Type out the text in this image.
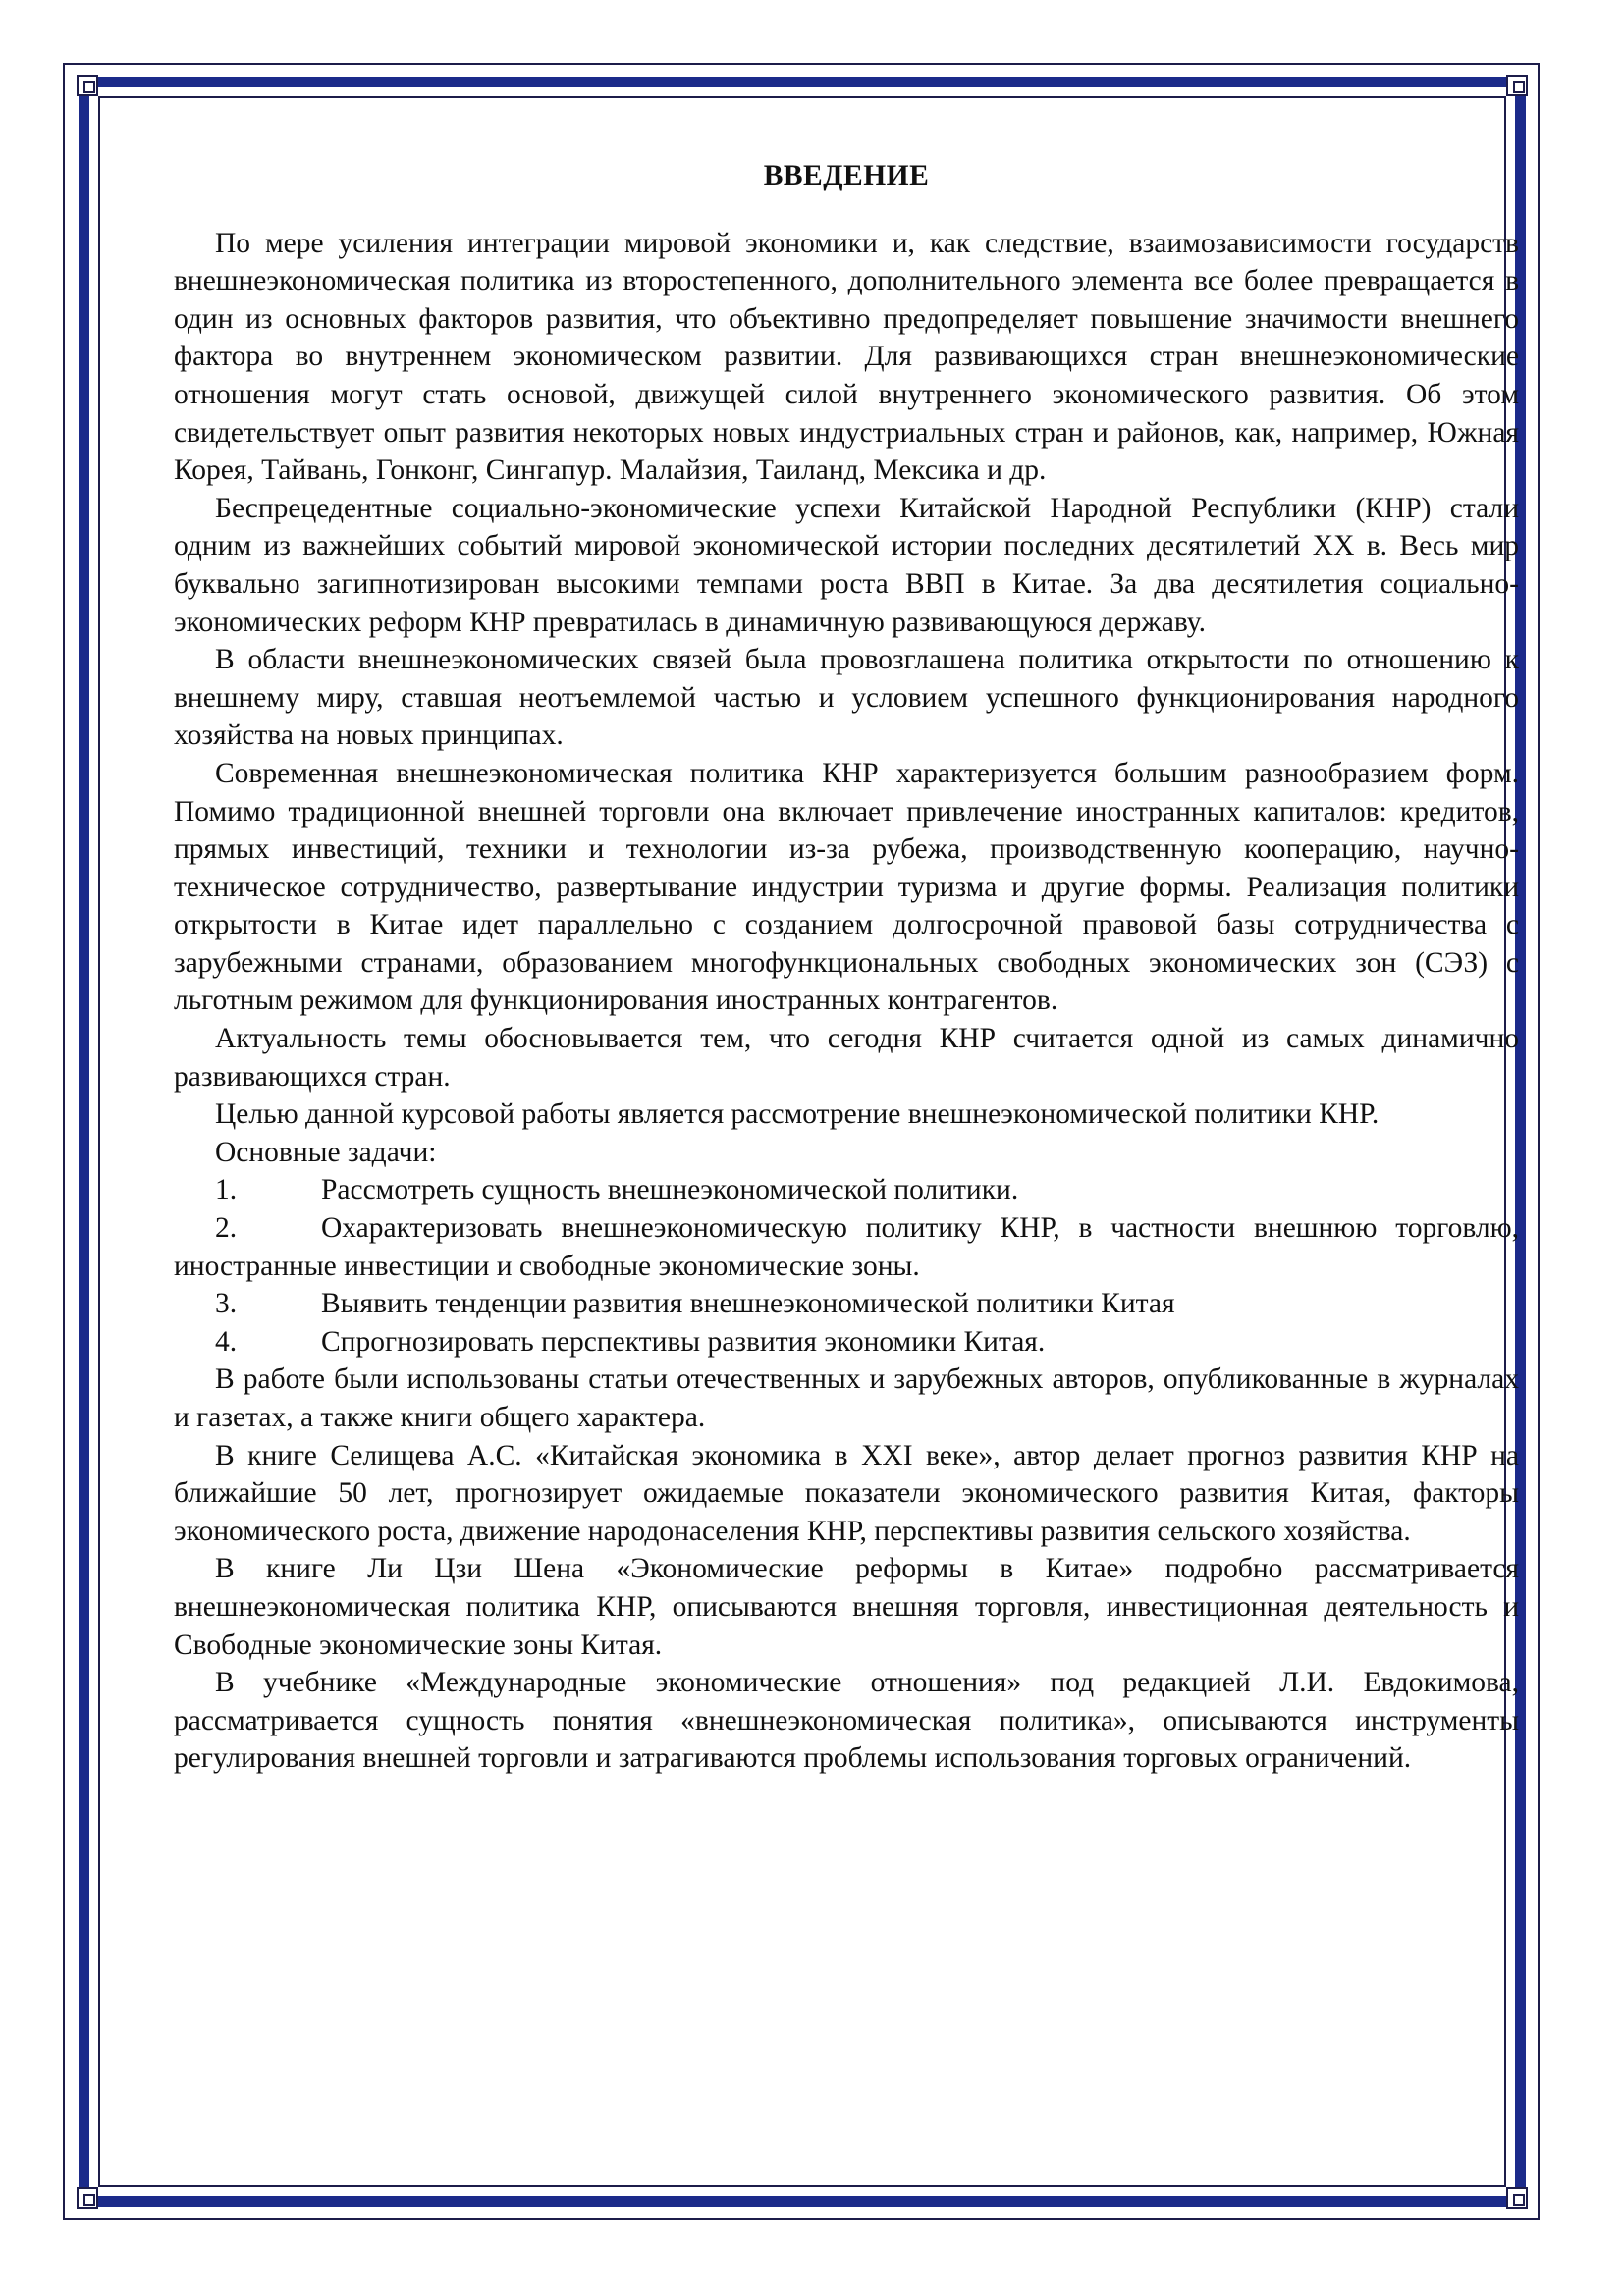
ВВЕДЕНИЕ

По мере усиления интеграции мировой экономики и, как следствие, взаимозависимости государств внешнеэкономическая политика из второстепенного, дополнительного элемента все более превращается в один из основных факторов развития, что объективно предопределяет повышение значимости внешнего фактора во внутреннем экономическом развитии. Для развивающихся стран внешнеэкономические отношения могут стать основой, движущей силой внутреннего экономического развития. Об этом свидетельствует опыт развития некоторых новых индустриальных стран и районов, как, например, Южная Корея, Тайвань, Гонконг, Сингапур. Малайзия, Таиланд, Мексика и др.

Беспрецедентные социально-экономические успехи Китайской Народной Республики (КНР) стали одним из важнейших событий мировой экономической истории последних десятилетий XX в. Весь мир буквально загипнотизирован высокими темпами роста ВВП в Китае. За два десятилетия социально-экономических реформ КНР превратилась в динамичную развивающуюся державу.

В области внешнеэкономических связей была провозглашена политика открытости по отношению к внешнему миру, ставшая неотъемлемой частью и условием успешного функционирования народного хозяйства на новых принципах.

Современная внешнеэкономическая политика КНР характеризуется большим разнообразием форм. Помимо традиционной внешней торговли она включает привлечение иностранных капиталов: кредитов, прямых инвестиций, техники и технологии из-за рубежа, производственную кооперацию, научно-техническое сотрудничество, развертывание индустрии туризма и другие формы. Реализация политики открытости в Китае идет параллельно с созданием долгосрочной правовой базы сотрудничества с зарубежными странами, образованием многофункциональных свободных экономических зон (СЭЗ) с льготным режимом для функционирования иностранных контрагентов.

Актуальность темы обосновывается тем, что сегодня КНР считается одной из самых динамично развивающихся стран.

Целью данной курсовой работы является рассмотрение внешнеэкономической политики КНР.

Основные задачи:

1.	Рассмотреть сущность внешнеэкономической политики.

2.	Охарактеризовать внешнеэкономическую политику КНР, в частности внешнюю торговлю, иностранные инвестиции и свободные экономические зоны.

3.	Выявить тенденции развития внешнеэкономической политики Китая

4.	Спрогнозировать перспективы развития экономики Китая.

В работе были использованы статьи отечественных и зарубежных авторов, опубликованные в журналах и газетах, а также книги общего характера.

В книге Селищева А.С. «Китайская экономика в XXI веке», автор делает прогноз развития КНР на ближайшие 50 лет, прогнозирует ожидаемые показатели экономического развития Китая, факторы экономического роста, движение народонаселения КНР, перспективы развития сельского хозяйства.

В книге Ли Цзи Шена «Экономические реформы в Китае» подробно рассматривается внешнеэкономическая политика КНР, описываются внешняя торговля, инвестиционная деятельность и Свободные экономические зоны Китая.

В учебнике «Международные экономические отношения» под редакцией Л.И. Евдокимова, рассматривается сущность понятия «внешнеэкономическая политика», описываются инструменты регулирования внешней торговли и затрагиваются проблемы использования торговых ограничений.
